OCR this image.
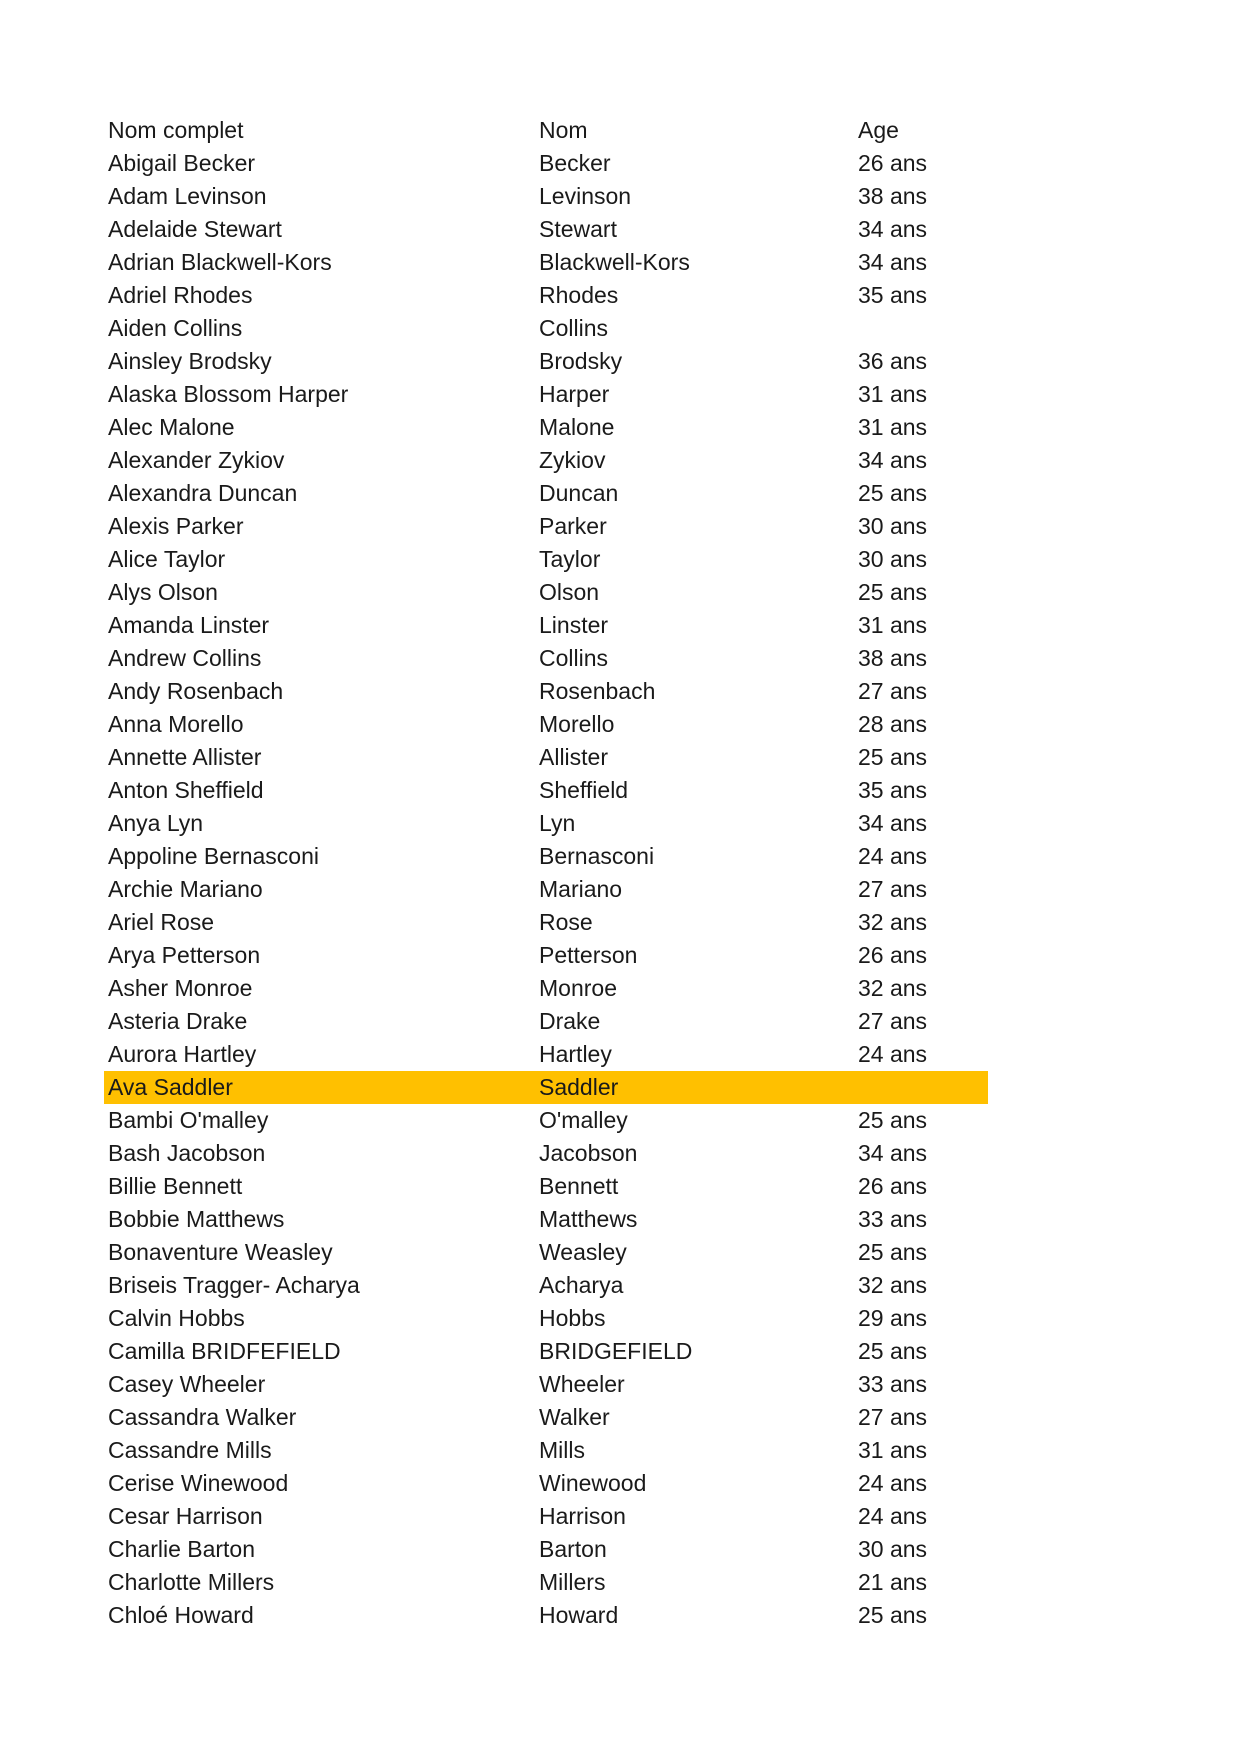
Nom complet	Nom	Age
Abigail Becker	Becker	26 ans
Adam Levinson	Levinson	38 ans
Adelaide Stewart	Stewart	34 ans
Adrian Blackwell-Kors	Blackwell-Kors	34 ans
Adriel Rhodes	Rhodes	35 ans
Aiden Collins	Collins
Ainsley Brodsky	Brodsky	36 ans
Alaska Blossom Harper	Harper	31 ans
Alec Malone	Malone	31 ans
Alexander Zykiov	Zykiov	34 ans
Alexandra Duncan	Duncan	25 ans
Alexis Parker	Parker	30 ans
Alice Taylor	Taylor	30 ans
Alys Olson	Olson	25 ans
Amanda Linster	Linster	31 ans
Andrew Collins	Collins	38 ans
Andy Rosenbach	Rosenbach	27 ans
Anna Morello	Morello	28 ans
Annette Allister	Allister	25 ans
Anton Sheffield	Sheffield	35 ans
Anya Lyn	Lyn	34 ans
Appoline Bernasconi	Bernasconi	24 ans
Archie Mariano	Mariano	27 ans
Ariel Rose	Rose	32 ans
Arya Petterson	Petterson	26 ans
Asher Monroe	Monroe	32 ans
Asteria Drake	Drake	27 ans
Aurora Hartley	Hartley	24 ans
Ava Saddler	Saddler
Bambi O'malley	O'malley	25 ans
Bash Jacobson	Jacobson	34 ans
Billie Bennett	Bennett	26 ans
Bobbie Matthews	Matthews	33 ans
Bonaventure Weasley	Weasley	25 ans
Briseis Tragger- Acharya	Acharya	32 ans
Calvin Hobbs	Hobbs	29 ans
Camilla BRIDFEFIELD	BRIDGEFIELD	25 ans
Casey Wheeler	Wheeler	33 ans
Cassandra Walker	Walker	27 ans
Cassandre Mills	Mills	31 ans
Cerise Winewood	Winewood	24 ans
Cesar Harrison	Harrison	24 ans
Charlie Barton	Barton	30 ans
Charlotte Millers	Millers	21 ans
Chloé Howard	Howard	25 ans
